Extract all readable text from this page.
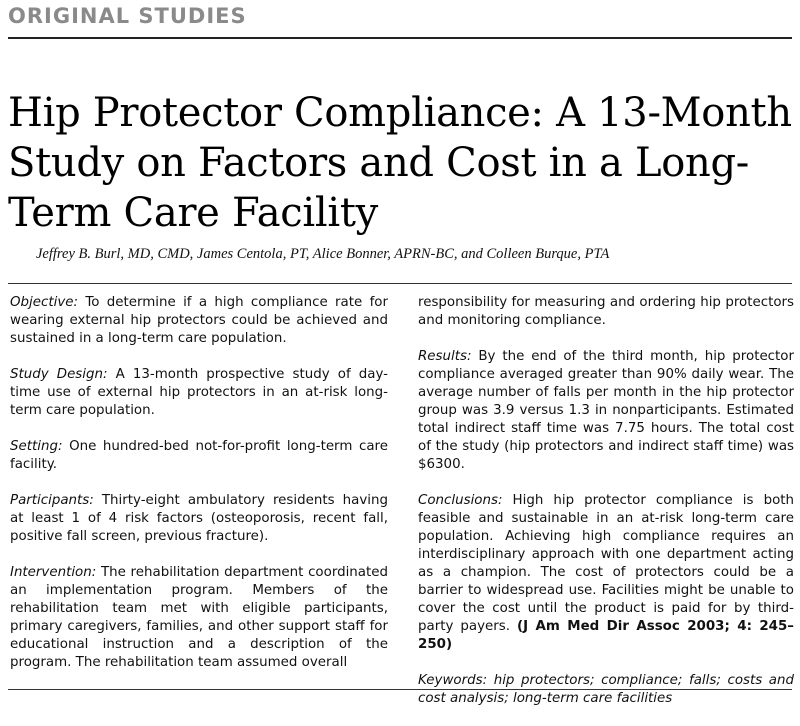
ORIGINAL STUDIES
Hip Protector Compliance: A 13-Month Study on Factors and Cost in a Long-Term Care Facility

Jeffrey B. Burl, MD, CMD, James Centola, PT, Alice Bonner, APRN-BC, and Colleen Burque, PTA

Objective: To determine if a high compliance rate for wearing external hip protectors could be achieved and sustained in a long-term care population.

Study Design: A 13-month prospective study of day-time use of external hip protectors in an at-risk long-term care population.

Setting: One hundred-bed not-for-profit long-term care facility.

Participants: Thirty-eight ambulatory residents having at least 1 of 4 risk factors (osteoporosis, recent fall, positive fall screen, previous fracture).

Intervention: The rehabilitation department coordinated an implementation program. Members of the rehabilitation team met with eligible participants, primary caregivers, families, and other support staff for educational instruction and a description of the program. The rehabilitation team assumed overall

responsibility for measuring and ordering hip protectors and monitoring compliance.

Results: By the end of the third month, hip protector compliance averaged greater than 90% daily wear. The average number of falls per month in the hip protector group was 3.9 versus 1.3 in nonparticipants. Estimated total indirect staff time was 7.75 hours. The total cost of the study (hip protectors and indirect staff time) was $6300.

Conclusions: High hip protector compliance is both feasible and sustainable in an at-risk long-term care population. Achieving high compliance requires an interdisciplinary approach with one department acting as a champion. The cost of protectors could be a barrier to widespread use. Facilities might be unable to cover the cost until the product is paid for by third-party payers. (J Am Med Dir Assoc 2003; 4: 245–250)

Keywords: hip protectors; compliance; falls; costs and cost analysis; long-term care facilities
